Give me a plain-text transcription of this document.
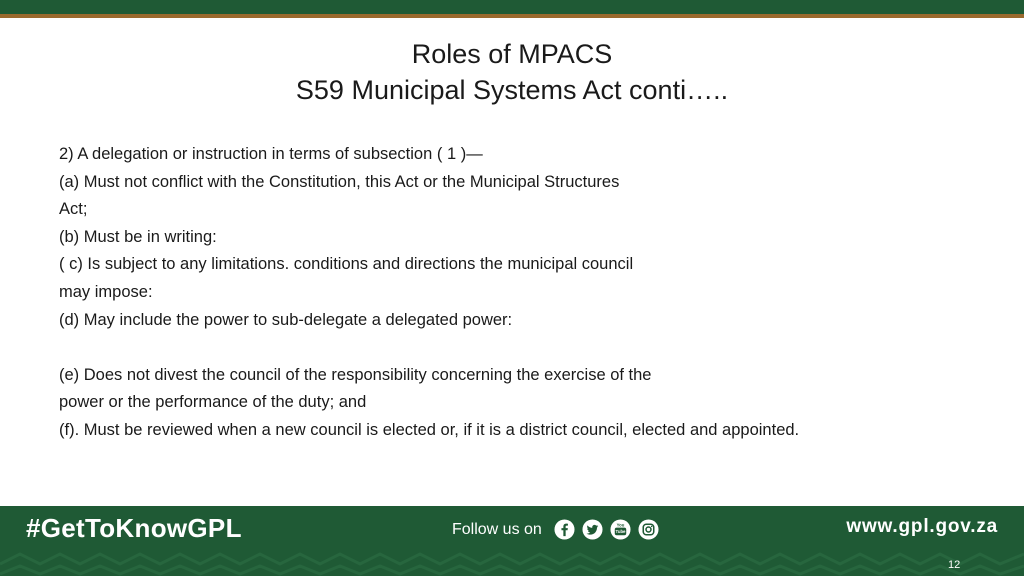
Roles of MPACS
S59 Municipal Systems Act conti…..
2) A delegation or instruction in terms of subsection ( 1 )—
(a) Must not conflict with the Constitution, this Act or the Municipal Structures
Act;
(b) Must be in writing:
( c) Is subject to any limitations. conditions and directions the municipal council
may impose:
(d) May include the power to sub-delegate a delegated power:
(e) Does not divest the council of the responsibility concerning the exercise of the
power or the performance of the duty; and
(f). Must be reviewed when a new council is elected or, if it is a district council, elected and appointed.
#GetToKnowGPL	Follow us on	You
Tube	www.gpl.gov.za
12
